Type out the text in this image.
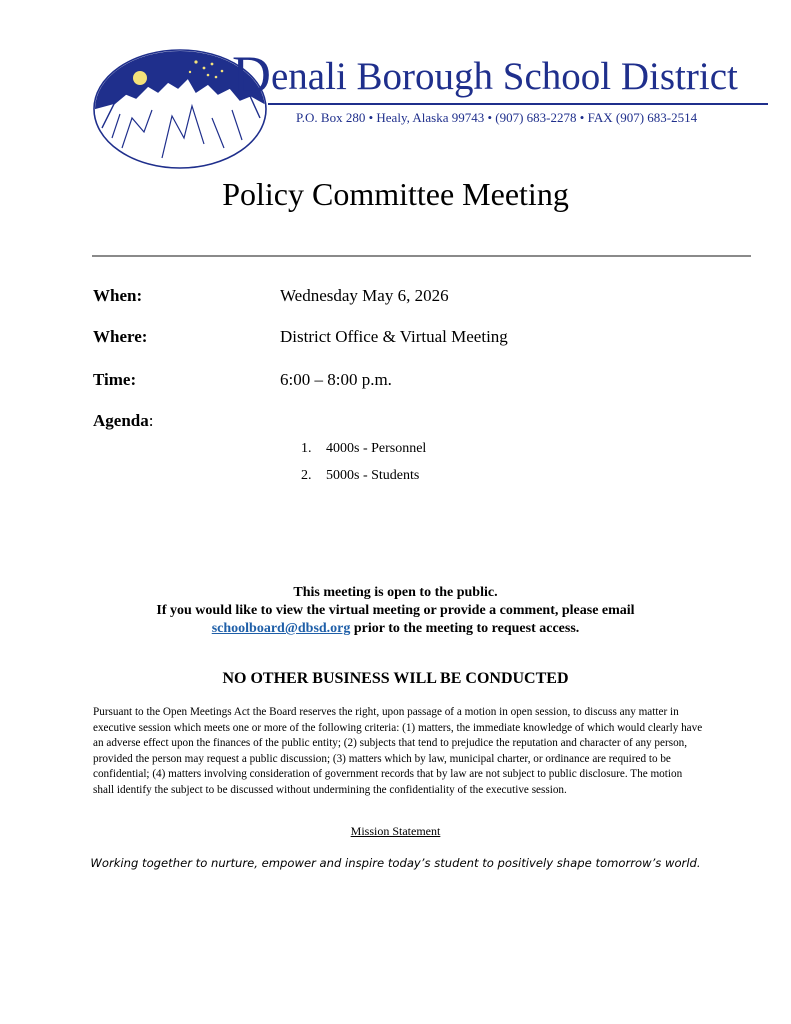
Denali Borough School District
P.O. Box 280 • Healy, Alaska 99743 • (907) 683-2278 • FAX (907) 683-2514
Policy Committee Meeting
When:	Wednesday May 6, 2026
Where:	District Office & Virtual Meeting
Time:	6:00 – 8:00 p.m.
Agenda:
1. 4000s - Personnel
2. 5000s - Students
This meeting is open to the public.
If you would like to view the virtual meeting or provide a comment, please email
schoolboard@dbsd.org prior to the meeting to request access.
NO OTHER BUSINESS WILL BE CONDUCTED
Pursuant to the Open Meetings Act the Board reserves the right, upon passage of a motion in open session, to discuss any matter in executive session which meets one or more of the following criteria: (1) matters, the immediate knowledge of which would clearly have an adverse effect upon the finances of the public entity; (2) subjects that tend to prejudice the reputation and character of any person, provided the person may request a public discussion; (3) matters which by law, municipal charter, or ordinance are required to be confidential; (4) matters involving consideration of government records that by law are not subject to public disclosure. The motion shall identify the subject to be discussed without undermining the confidentiality of the executive session.
Mission Statement
Working together to nurture, empower and inspire today’s student to positively shape tomorrow’s world.
